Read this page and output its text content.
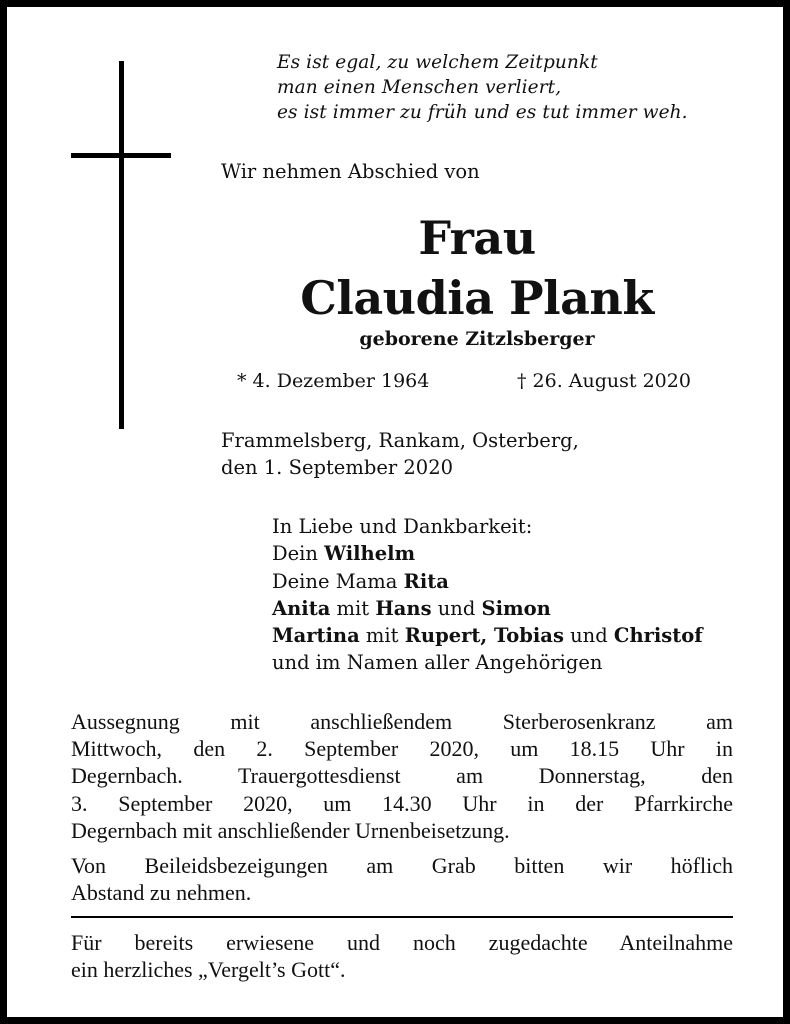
Es ist egal, zu welchem Zeitpunkt
man einen Menschen verliert,
es ist immer zu früh und es tut immer weh.
Wir nehmen Abschied von
Frau
Claudia Plank
geborene Zitzlsberger
* 4. Dezember 1964	† 26. August 2020
Frammelsberg, Rankam, Osterberg,
den 1. September 2020
In Liebe und Dankbarkeit:
Dein Wilhelm
Deine Mama Rita
Anita mit Hans und Simon
Martina mit Rupert, Tobias und Christof
und im Namen aller Angehörigen
Aussegnung mit anschließendem Sterberosenkranz am
Mittwoch, den 2. September 2020, um 18.15 Uhr in
Degernbach. Trauergottesdienst am Donnerstag, den
3. September 2020, um 14.30 Uhr in der Pfarrkirche
Degernbach mit anschließender Urnenbeisetzung.
Von Beileidsbezeigungen am Grab bitten wir höflich
Abstand zu nehmen.
Für bereits erwiesene und noch zugedachte Anteilnahme
ein herzliches „Vergelt’s Gott“.
